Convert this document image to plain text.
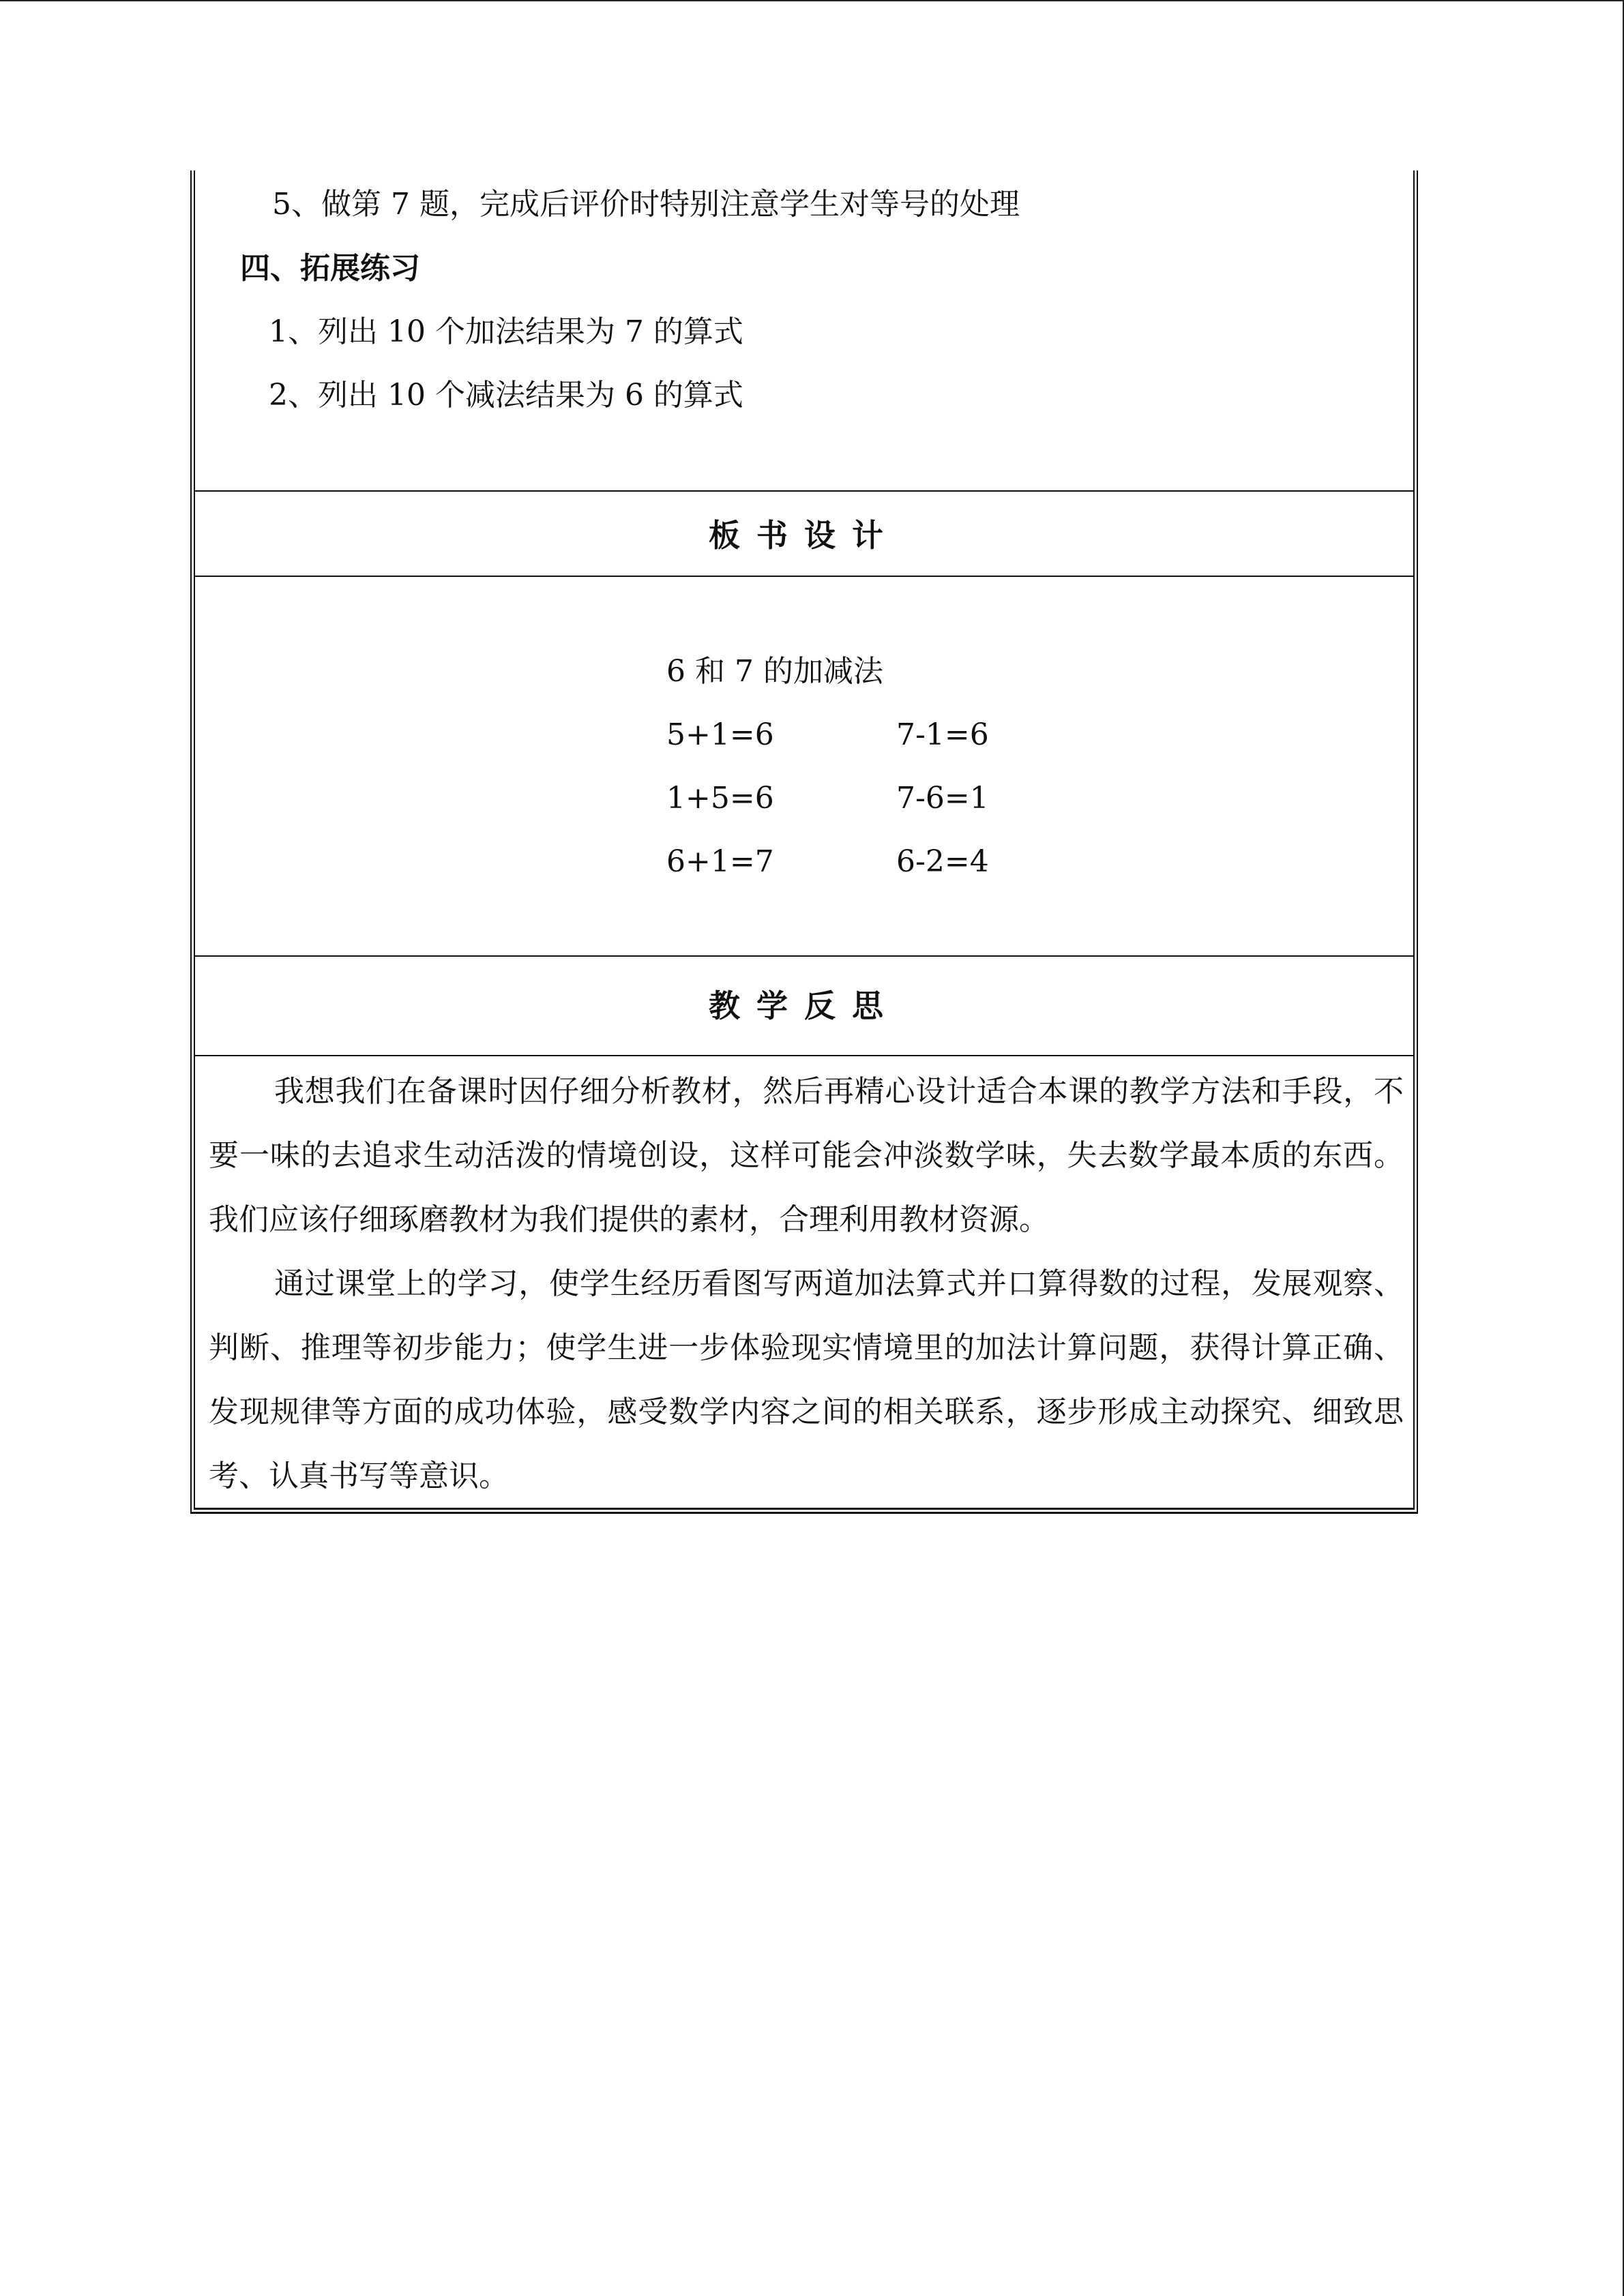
5、做第 7 题，完成后评价时特别注意学生对等号的处理
四、拓展练习
1、列出 10 个加法结果为 7 的算式
2、列出 10 个减法结果为 6 的算式
板书设计
6 和 7 的加减法
5+1=6	7-1=6
1+5=6	7-6=1
6+1=7	6-2=4
教学反思

我想我们在备课时因仔细分析教材，然后再精心设计适合本课的教学方法和手段，不要一味的去追求生动活泼的情境创设，这样可能会冲淡数学味，失去数学最本质的东西。我们应该仔细琢磨教材为我们提供的素材，合理利用教材资源。

通过课堂上的学习，使学生经历看图写两道加法算式并口算得数的过程，发展观察、判断、推理等初步能力；使学生进一步体验现实情境里的加法计算问题，获得计算正确、发现规律等方面的成功体验，感受数学内容之间的相关联系，逐步形成主动探究、细致思考、认真书写等意识。
